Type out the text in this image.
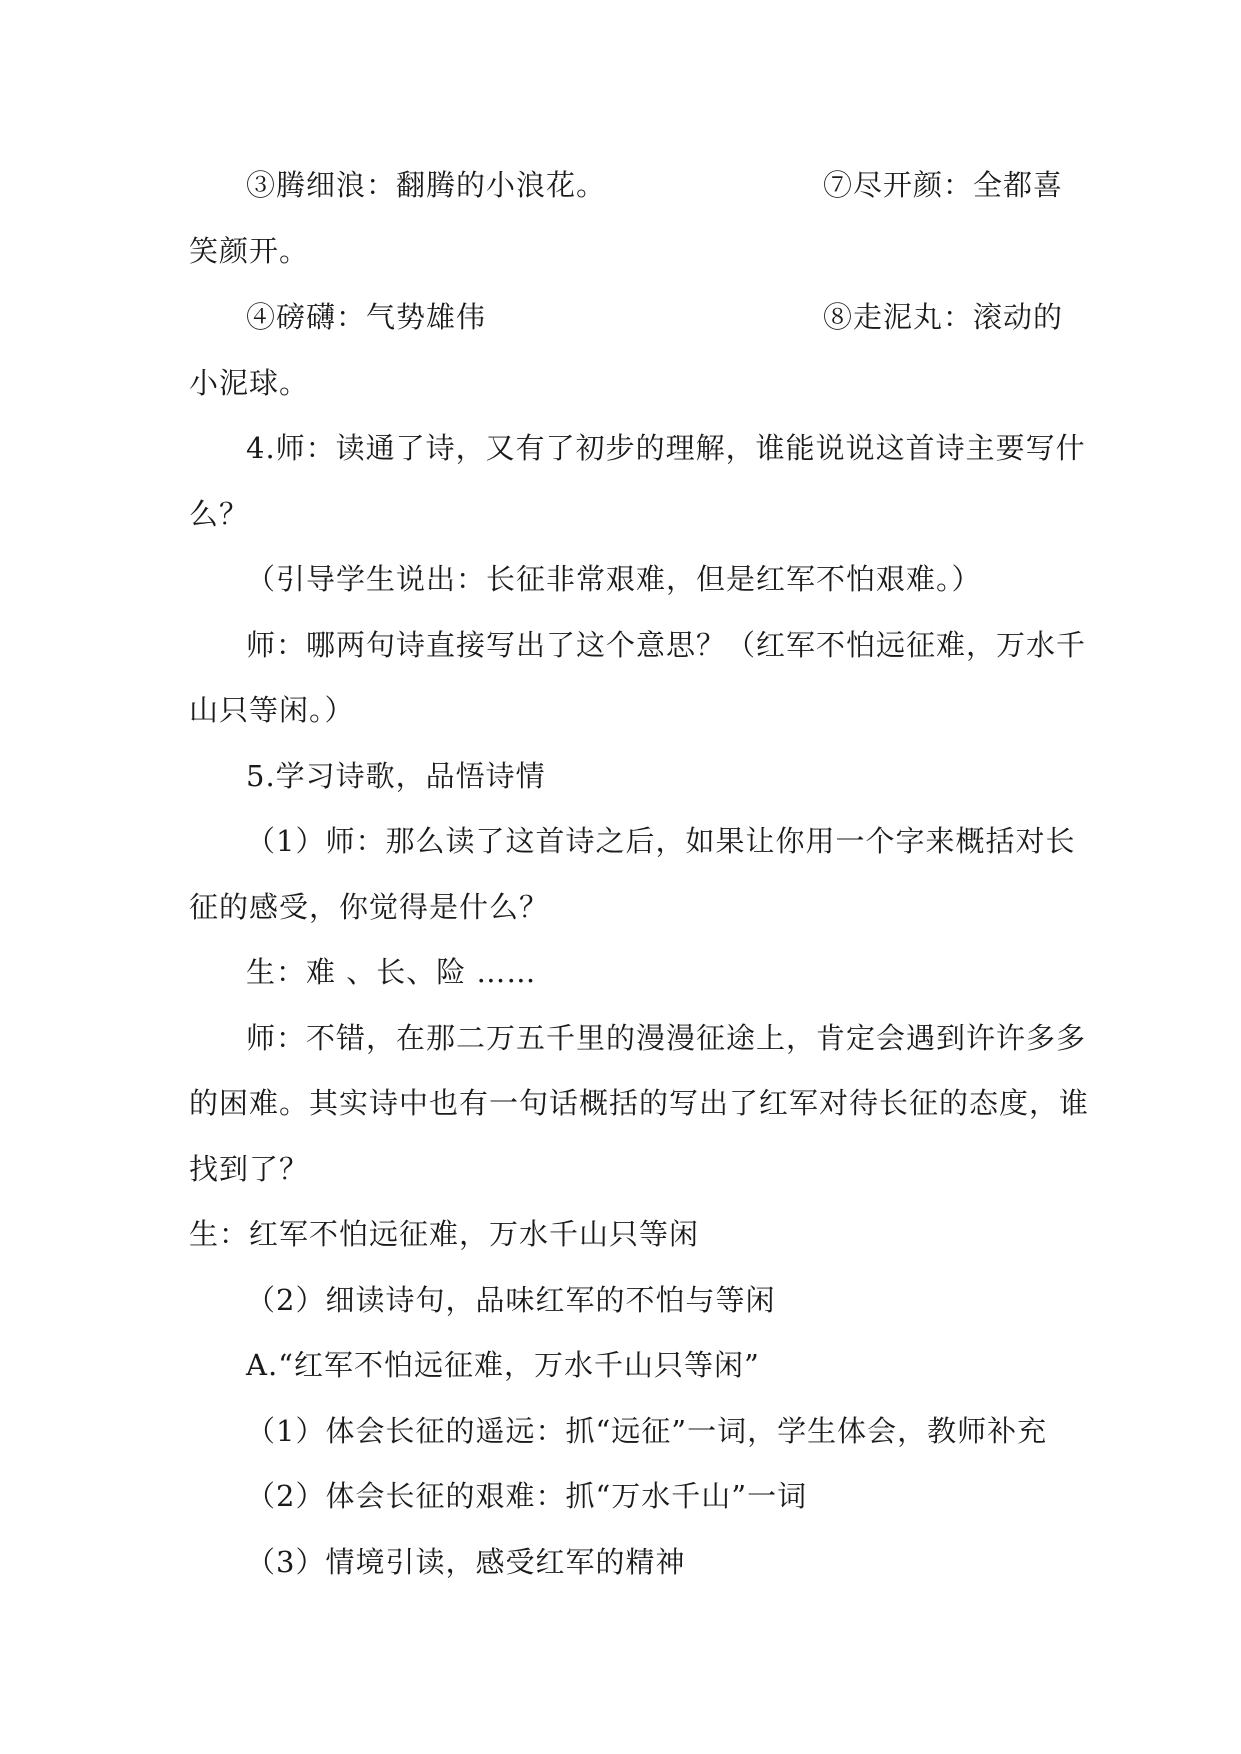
③腾细浪：翻腾的小浪花。	⑦尽开颜：全都喜
笑颜开。
④磅礴：气势雄伟	⑧走泥丸：滚动的
小泥球。
4.师：读通了诗，又有了初步的理解，谁能说说这首诗主要写什
么？
（引导学生说出：长征非常艰难，但是红军不怕艰难。）
师：哪两句诗直接写出了这个意思？（红军不怕远征难，万水千
山只等闲。）
5.学习诗歌，品悟诗情
（1）师：那么读了这首诗之后，如果让你用一个字来概括对长
征的感受，你觉得是什么？
生：难 、长、险 ……
师：不错，在那二万五千里的漫漫征途上，肯定会遇到许许多多
的困难。其实诗中也有一句话概括的写出了红军对待长征的态度，谁
找到了？
生：红军不怕远征难，万水千山只等闲
（2）细读诗句，品味红军的不怕与等闲
A.“红军不怕远征难，万水千山只等闲”
（1）体会长征的遥远：抓“远征”一词，学生体会，教师补充
（2）体会长征的艰难：抓“万水千山”一词
（3）情境引读，感受红军的精神
